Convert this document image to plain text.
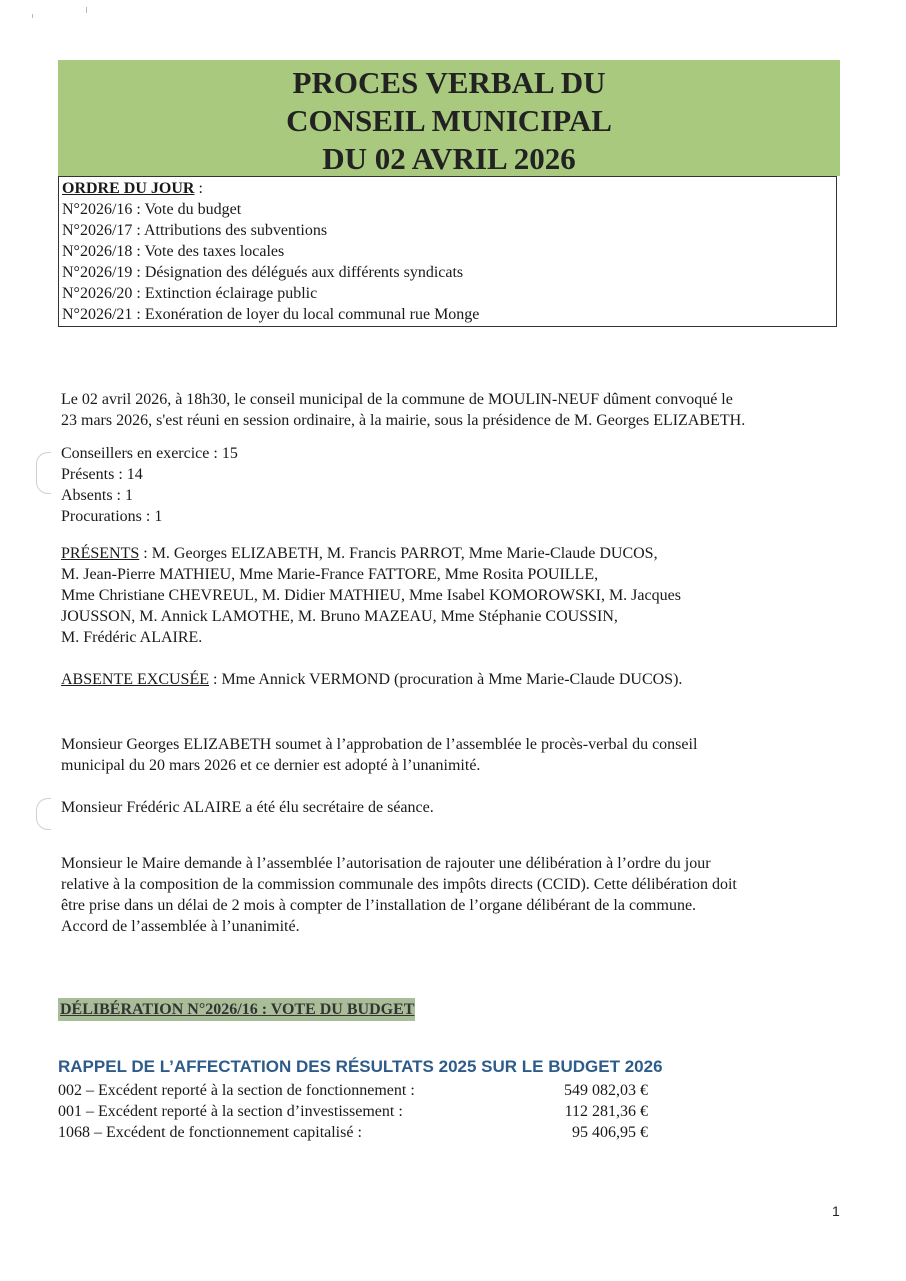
PROCES VERBAL DU
CONSEIL MUNICIPAL
DU 02 AVRIL 2026
ORDRE DU JOUR :
N°2026/16 : Vote du budget
N°2026/17 : Attributions des subventions
N°2026/18 : Vote des taxes locales
N°2026/19 : Désignation des délégués aux différents syndicats
N°2026/20 : Extinction éclairage public
N°2026/21 : Exonération de loyer du local communal rue Monge
Le 02 avril 2026, à 18h30, le conseil municipal de la commune de MOULIN-NEUF dûment convoqué le
23 mars 2026, s'est réuni en session ordinaire, à la mairie, sous la présidence de M. Georges ELIZABETH.
Conseillers en exercice : 15
Présents : 14
Absents : 1
Procurations : 1
PRÉSENTS : M. Georges ELIZABETH, M. Francis PARROT, Mme Marie-Claude DUCOS,
M. Jean-Pierre MATHIEU, Mme Marie-France FATTORE, Mme Rosita POUILLE,
Mme Christiane CHEVREUL, M. Didier MATHIEU, Mme Isabel KOMOROWSKI, M. Jacques
JOUSSON, M. Annick LAMOTHE, M. Bruno MAZEAU, Mme Stéphanie COUSSIN,
M. Frédéric ALAIRE.
ABSENTE EXCUSÉE : Mme Annick VERMOND (procuration à Mme Marie-Claude DUCOS).
Monsieur Georges ELIZABETH soumet à l’approbation de l’assemblée le procès-verbal du conseil
municipal du 20 mars 2026 et ce dernier est adopté à l’unanimité.
Monsieur Frédéric ALAIRE a été élu secrétaire de séance.
Monsieur le Maire demande à l’assemblée l’autorisation de rajouter une délibération à l’ordre du jour
relative à la composition de la commission communale des impôts directs (CCID). Cette délibération doit
être prise dans un délai de 2 mois à compter de l’installation de l’organe délibérant de la commune.
Accord de l’assemblée à l’unanimité.
DÉLIBÉRATION N°2026/16 : VOTE DU BUDGET
RAPPEL DE L’AFFECTATION DES RÉSULTATS 2025 SUR LE BUDGET 2026
002 – Excédent reporté à la section de fonctionnement :	549 082,03 €
001 – Excédent reporté à la section d’investissement :	112 281,36 €
1068 – Excédent de fonctionnement capitalisé :	95 406,95 €
1
